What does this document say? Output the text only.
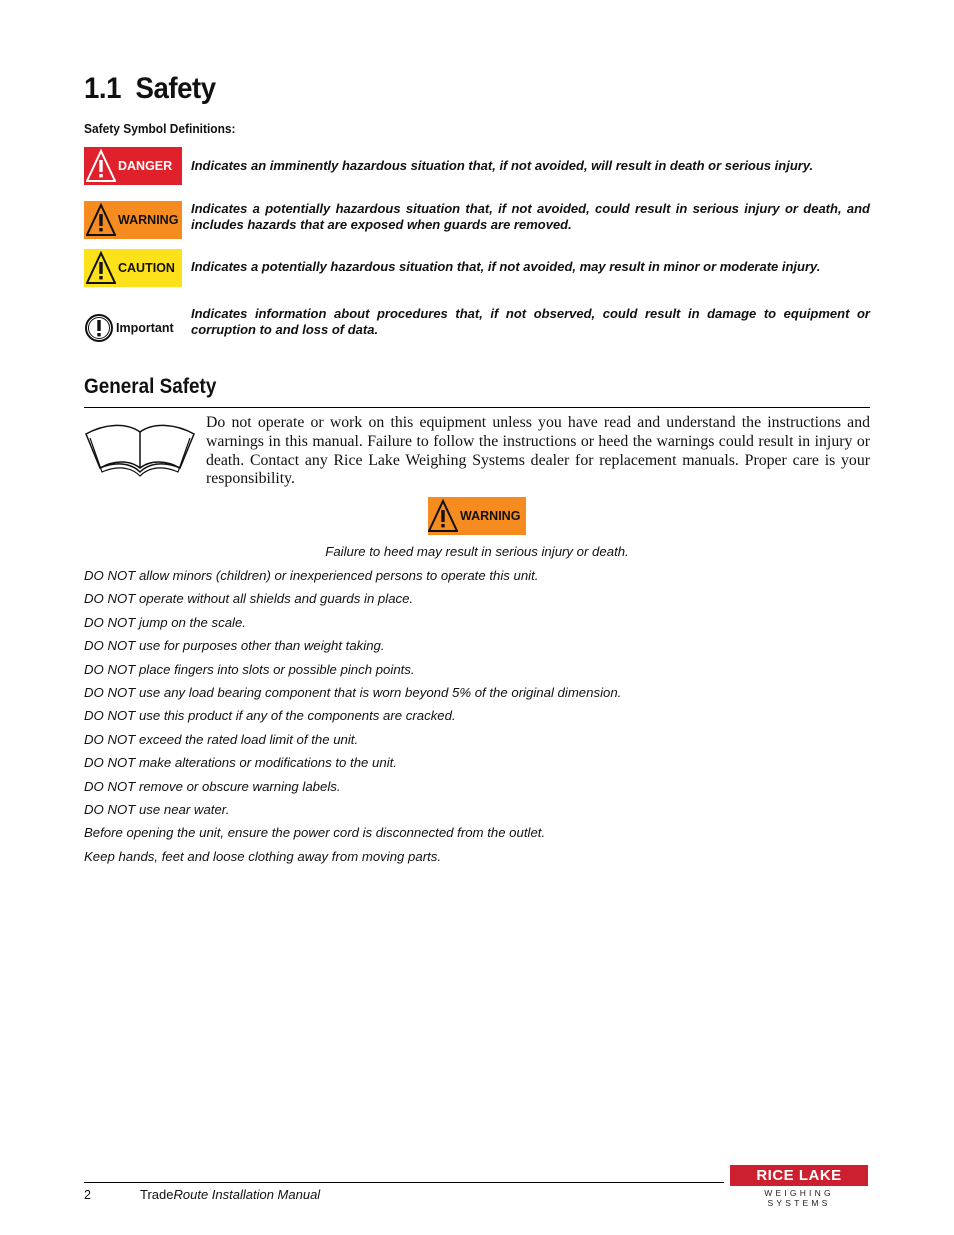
1.1 Safety
Safety Symbol Definitions:
DANGER Indicates an imminently hazardous situation that, if not avoided, will result in death or serious injury.
WARNING
Indicates a potentially hazardous situation that, if not avoided, could result in serious injury or death, and includes hazards that are exposed when guards are removed.
CAUTION Indicates a potentially hazardous situation that, if not avoided, may result in minor or moderate injury.
Important
Indicates information about procedures that, if not observed, could result in damage to equipment or corruption to and loss of data.
General Safety
Do not operate or work on this equipment unless you have read and understand the instructions and warnings in this manual. Failure to follow the instructions or heed the warnings could result in injury or death. Contact any Rice Lake Weighing Systems dealer for replacement manuals. Proper care is your responsibility.
WARNING
Failure to heed may result in serious injury or death.
DO NOT allow minors (children) or inexperienced persons to operate this unit.
DO NOT operate without all shields and guards in place.
DO NOT jump on the scale.
DO NOT use for purposes other than weight taking.
DO NOT place fingers into slots or possible pinch points.
DO NOT use any load bearing component that is worn beyond 5% of the original dimension.
DO NOT use this product if any of the components are cracked.
DO NOT exceed the rated load limit of the unit.
DO NOT make alterations or modifications to the unit.
DO NOT remove or obscure warning labels.
DO NOT use near water.
Before opening the unit, ensure the power cord is disconnected from the outlet.
Keep hands, feet and loose clothing away from moving parts.
2	TradeRoute Installation Manual
RICE LAKE
WEIGHING SYSTEMS
